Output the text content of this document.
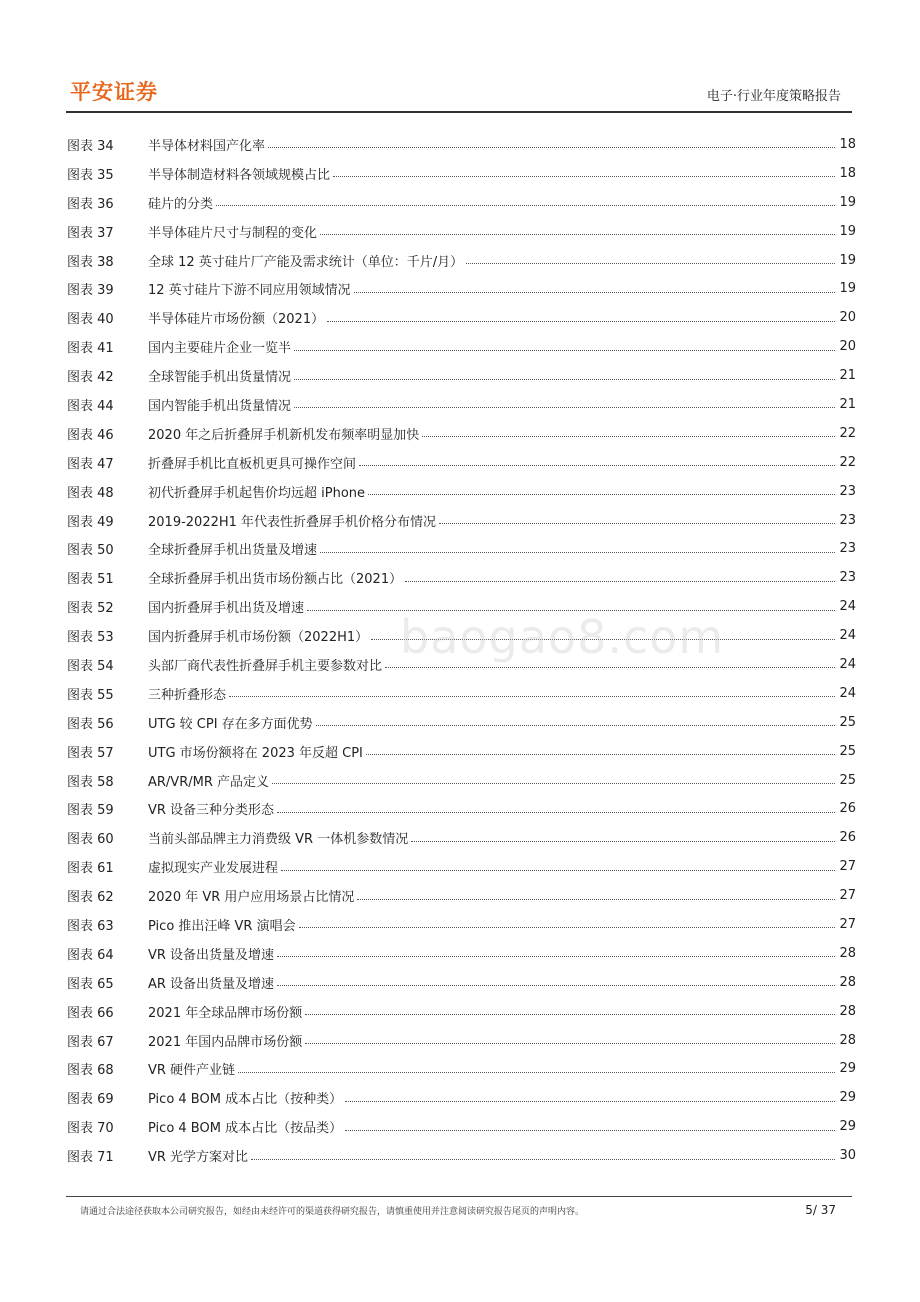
平安证券	电子·行业年度策略报告
图表 34	半导体材料国产化率	18
图表 35	半导体制造材料各领域规模占比	18
图表 36	硅片的分类	19
图表 37	半导体硅片尺寸与制程的变化	19
图表 38	全球 12 英寸硅片厂产能及需求统计（单位：千片/月）	19
图表 39	12 英寸硅片下游不同应用领域情况	19
图表 40	半导体硅片市场份额（2021）	20
图表 41	国内主要硅片企业一览半	20
图表 42	全球智能手机出货量情况	21
图表 44	国内智能手机出货量情况	21
图表 46	2020 年之后折叠屏手机新机发布频率明显加快	22
图表 47	折叠屏手机比直板机更具可操作空间	22
图表 48	初代折叠屏手机起售价均远超 iPhone	23
图表 49	2019-2022H1 年代表性折叠屏手机价格分布情况	23
图表 50	全球折叠屏手机出货量及增速	23
图表 51	全球折叠屏手机出货市场份额占比（2021）	23
图表 52	国内折叠屏手机出货及增速	24
图表 53	国内折叠屏手机市场份额（2022H1）	24
图表 54	头部厂商代表性折叠屏手机主要参数对比	24
图表 55	三种折叠形态	24
图表 56	UTG 较 CPI 存在多方面优势	25
图表 57	UTG 市场份额将在 2023 年反超 CPI	25
图表 58	AR/VR/MR 产品定义	25
图表 59	VR 设备三种分类形态	26
图表 60	当前头部品牌主力消费级 VR 一体机参数情况	26
图表 61	虚拟现实产业发展进程	27
图表 62	2020 年 VR 用户应用场景占比情况	27
图表 63	Pico 推出汪峰 VR 演唱会	27
图表 64	VR 设备出货量及增速	28
图表 65	AR 设备出货量及增速	28
图表 66	2021 年全球品牌市场份额	28
图表 67	2021 年国内品牌市场份额	28
图表 68	VR 硬件产业链	29
图表 69	Pico 4 BOM 成本占比（按种类）	29
图表 70	Pico 4 BOM 成本占比（按品类）	29
图表 71	VR 光学方案对比	30
baogao8.com
请通过合法途径获取本公司研究报告，如经由未经许可的渠道获得研究报告，请慎重使用并注意阅读研究报告尾页的声明内容。	5/ 37
